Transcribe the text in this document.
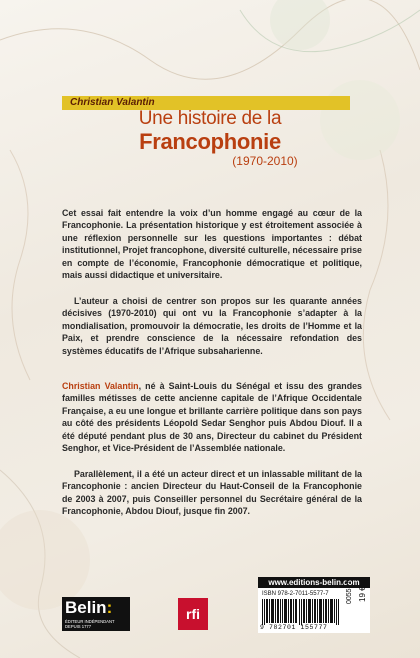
Christian Valantin
Une histoire de la
Francophonie
(1970-2010)
Cet essai fait entendre la voix d’un homme engagé au cœur de la Francophonie. La présentation historique y est étroitement associée à une réflexion personnelle sur les questions importantes : débat institutionnel, Projet francophone, diversité culturelle, nécessaire prise en compte de l’économie, Francophonie démocratique et politique, mais aussi didactique et universitaire.
L’auteur a choisi de centrer son propos sur les quarante années décisives (1970-2010) qui ont vu la Francophonie s’adapter à la mondialisation, promouvoir la démocratie, les droits de l’Homme et la Paix, et prendre conscience de la nécessaire refondation des systèmes éducatifs de l’Afrique subsaharienne.
Christian Valantin, né à Saint-Louis du Sénégal et issu des grandes familles métisses de cette ancienne capitale de l’Afrique Occidentale Française, a eu une longue et brillante carrière politique dans son pays au côté des présidents Léopold Sedar Senghor puis Abdou Diouf. Il a été député pendant plus de 30 ans, Directeur du cabinet du Président Senghor, et Vice-Président de l’Assemblée nationale.
Parallèlement, il a été un acteur direct et un inlassable militant de la Francophonie : ancien Directeur du Haut-Conseil de la Francophonie de 2003 à 2007, puis Conseiller personnel du Secrétaire général de la Francophonie, Abdou Diouf, jusque fin 2007.
www.editions-belin.com
ISBN 978-2-7011-5577-7
9 782701 155777
005577 19 €
Belin:
ÉDITEUR INDÉPENDANT
DEPUIS 1777
rfi
